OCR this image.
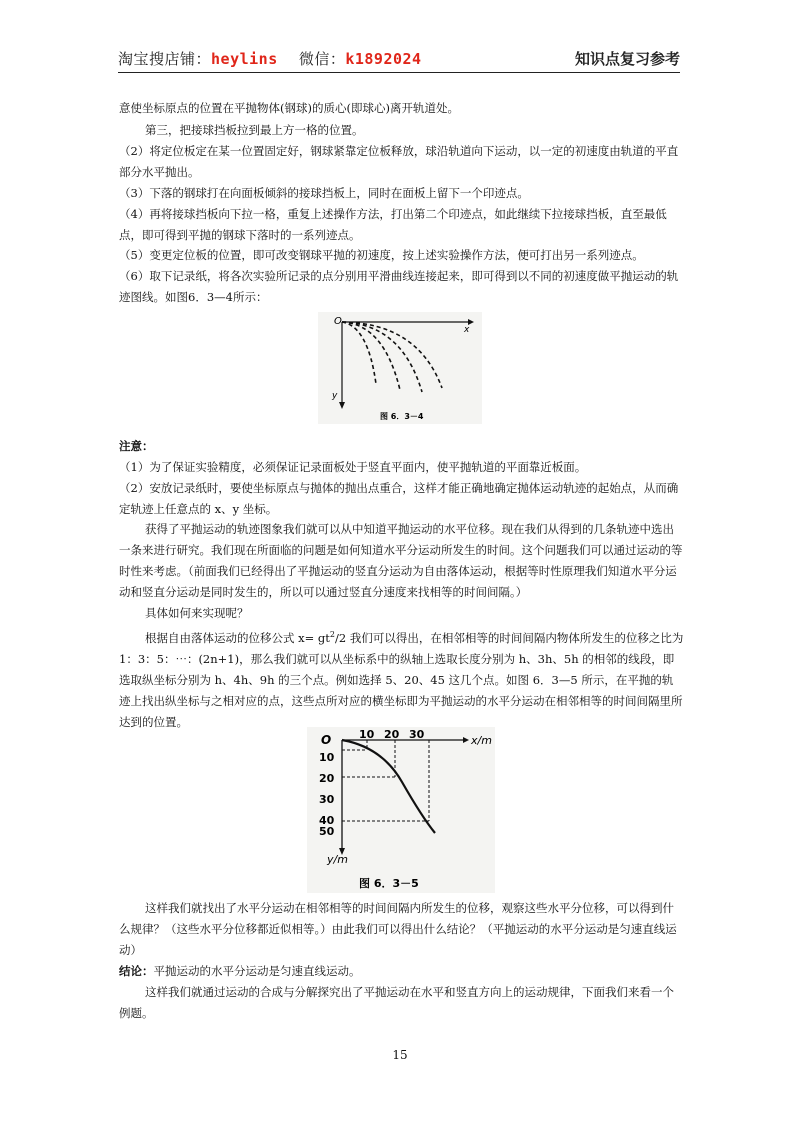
淘宝搜店铺：heylins 微信：k1892024	知识点复习参考

意使坐标原点的位置在平抛物体(钢球)的质心(即球心)离开轨道处。

第三，把接球挡板拉到最上方一格的位置。

（2）将定位板定在某一位置固定好，钢球紧靠定位板释放，球沿轨道向下运动，以一定的初速度由轨道的平直部分水平抛出。

（3）下落的钢球打在向面板倾斜的接球挡板上，同时在面板上留下一个印迹点。

（4）再将接球挡板向下拉一格，重复上述操作方法，打出第二个印迹点，如此继续下拉接球挡板，直至最低点，即可得到平抛的钢球下落时的一系列迹点。

（5）变更定位板的位置，即可改变钢球平抛的初速度，按上述实验操作方法，便可打出另一系列迹点。

（6）取下记录纸，将各次实验所记录的点分别用平滑曲线连接起来，即可得到以不同的初速度做平抛运动的轨迹图线。如图6．3—4所示：

O
x
y
图 6．3－4

注意：

（1）为了保证实验精度，必须保证记录面板处于竖直平面内，使平抛轨道的平面靠近板面。

（2）安放记录纸时，要使坐标原点与抛体的抛出点重合，这样才能正确地确定抛体运动轨迹的起始点，从而确定轨迹上任意点的 x、y 坐标。

获得了平抛运动的轨迹图象我们就可以从中知道平抛运动的水平位移。现在我们从得到的几条轨迹中选出一条来进行研究。我们现在所面临的问题是如何知道水平分运动所发生的时间。这个问题我们可以通过运动的等时性来考虑。（前面我们已经得出了平抛运动的竖直分运动为自由落体运动，根据等时性原理我们知道水平分运动和竖直分运动是同时发生的，所以可以通过竖直分速度来找相等的时间间隔。）

具体如何来实现呢？

根据自由落体运动的位移公式 $x= gt^2/2$ 我们可以得出，在相邻相等的时间间隔内物体所发生的位移之比为 1：3：5：⋯：(2n+1)，那么我们就可以从坐标系中的纵轴上选取长度分别为 h、3h、5h 的相邻的线段，即选取纵坐标分别为 h、4h、9h 的三个点。例如选择 5、20、45 这几个点。如图 6．3—5 所示，在平抛的轨迹上找出纵坐标与之相对应的点，这些点所对应的横坐标即为平抛运动的水平分运动在相邻相等的时间间隔里所达到的位置。

O	x/m
y/m
10 20 30
10
20
30
40
50
图 6．3－5

这样我们就找出了水平分运动在相邻相等的时间间隔内所发生的位移，观察这些水平分位移，可以得到什么规律？（这些水平分位移都近似相等。）由此我们可以得出什么结论？（平抛运动的水平分运动是匀速直线运动）

结论：平抛运动的水平分运动是匀速直线运动。

这样我们就通过运动的合成与分解探究出了平抛运动在水平和竖直方向上的运动规律，下面我们来看一个例题。

15
